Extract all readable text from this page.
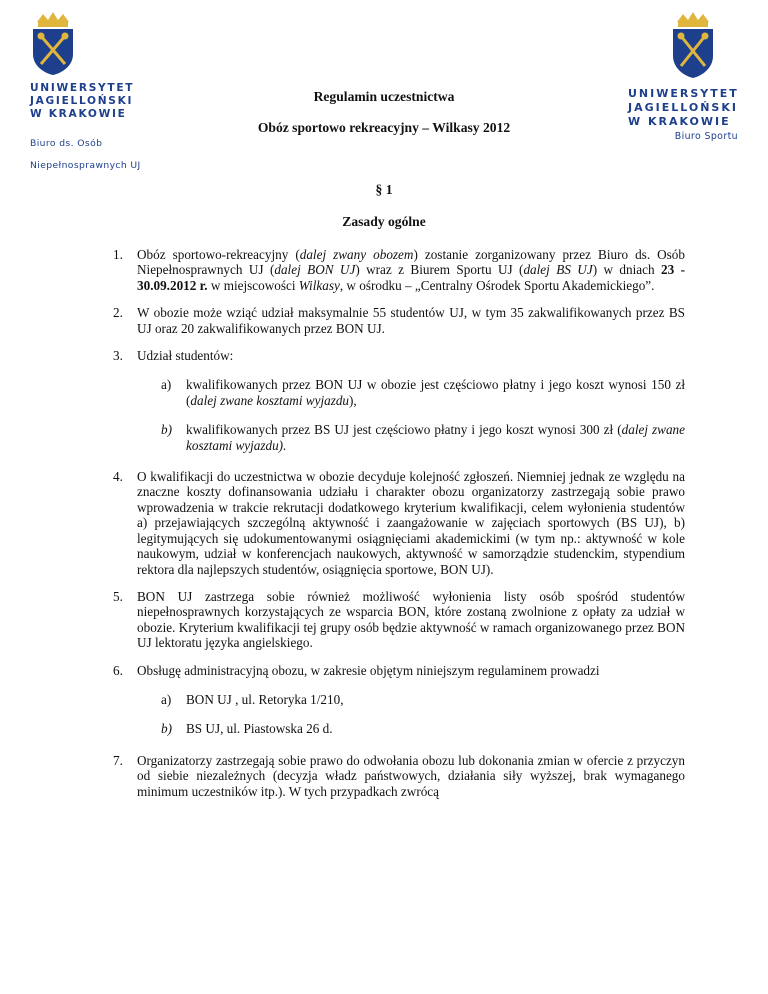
UNIWERSYTET
JAGIELLOŃSKI
W KRAKOWIE
Biuro ds. Osób
Niepełnosprawnych UJ
UNIWERSYTET
JAGIELLOŃSKI
W KRAKOWIE
Biuro Sportu
Regulamin uczestnictwa
Obóz sportowo rekreacyjny – Wilkasy 2012
§ 1
Zasady ogólne
1. Obóz sportowo-rekreacyjny (dalej zwany obozem) zostanie zorganizowany przez Biuro ds. Osób Niepełnosprawnych UJ (dalej BON UJ) wraz z Biurem Sportu UJ (dalej BS UJ) w dniach 23 - 30.09.2012 r. w miejscowości Wilkasy, w ośrodku – „Centralny Ośrodek Sportu Akademickiego”.
2. W obozie może wziąć udział maksymalnie 55 studentów UJ, w tym 35 zakwalifikowanych przez BS UJ oraz 20 zakwalifikowanych przez BON UJ.
3. Udział studentów:
a) kwalifikowanych przez BON UJ w obozie jest częściowo płatny i jego koszt wynosi 150 zł (dalej zwane kosztami wyjazdu),
b) kwalifikowanych przez BS UJ jest częściowo płatny i jego koszt wynosi 300 zł (dalej zwane kosztami wyjazdu).
4. O kwalifikacji do uczestnictwa w obozie decyduje kolejność zgłoszeń. Niemniej jednak ze względu na znaczne koszty dofinansowania udziału i charakter obozu organizatorzy zastrzegają sobie prawo wprowadzenia w trakcie rekrutacji dodatkowego kryterium kwalifikacji, celem wyłonienia studentów a) przejawiających szczególną aktywność i zaangażowanie w zajęciach sportowych (BS UJ), b) legitymujących się udokumentowanymi osiągnięciami akademickimi (w tym np.: aktywność w kole naukowym, udział w konferencjach naukowych, aktywność w samorządzie studenckim, stypendium rektora dla najlepszych studentów, osiągnięcia sportowe, BON UJ).
5. BON UJ zastrzega sobie również możliwość wyłonienia listy osób spośród studentów niepełnosprawnych korzystających ze wsparcia BON, które zostaną zwolnione z opłaty za udział w obozie. Kryterium kwalifikacji tej grupy osób będzie aktywność w ramach organizowanego przez BON UJ lektoratu języka angielskiego.
6. Obsługę administracyjną obozu, w zakresie objętym niniejszym regulaminem prowadzi
a) BON UJ , ul. Retoryka 1/210,
b) BS UJ, ul. Piastowska 26 d.
7. Organizatorzy zastrzegają sobie prawo do odwołania obozu lub dokonania zmian w ofercie z przyczyn od siebie niezależnych (decyzja władz państwowych, działania siły wyższej, brak wymaganego minimum uczestników itp.). W tych przypadkach zwrócą
